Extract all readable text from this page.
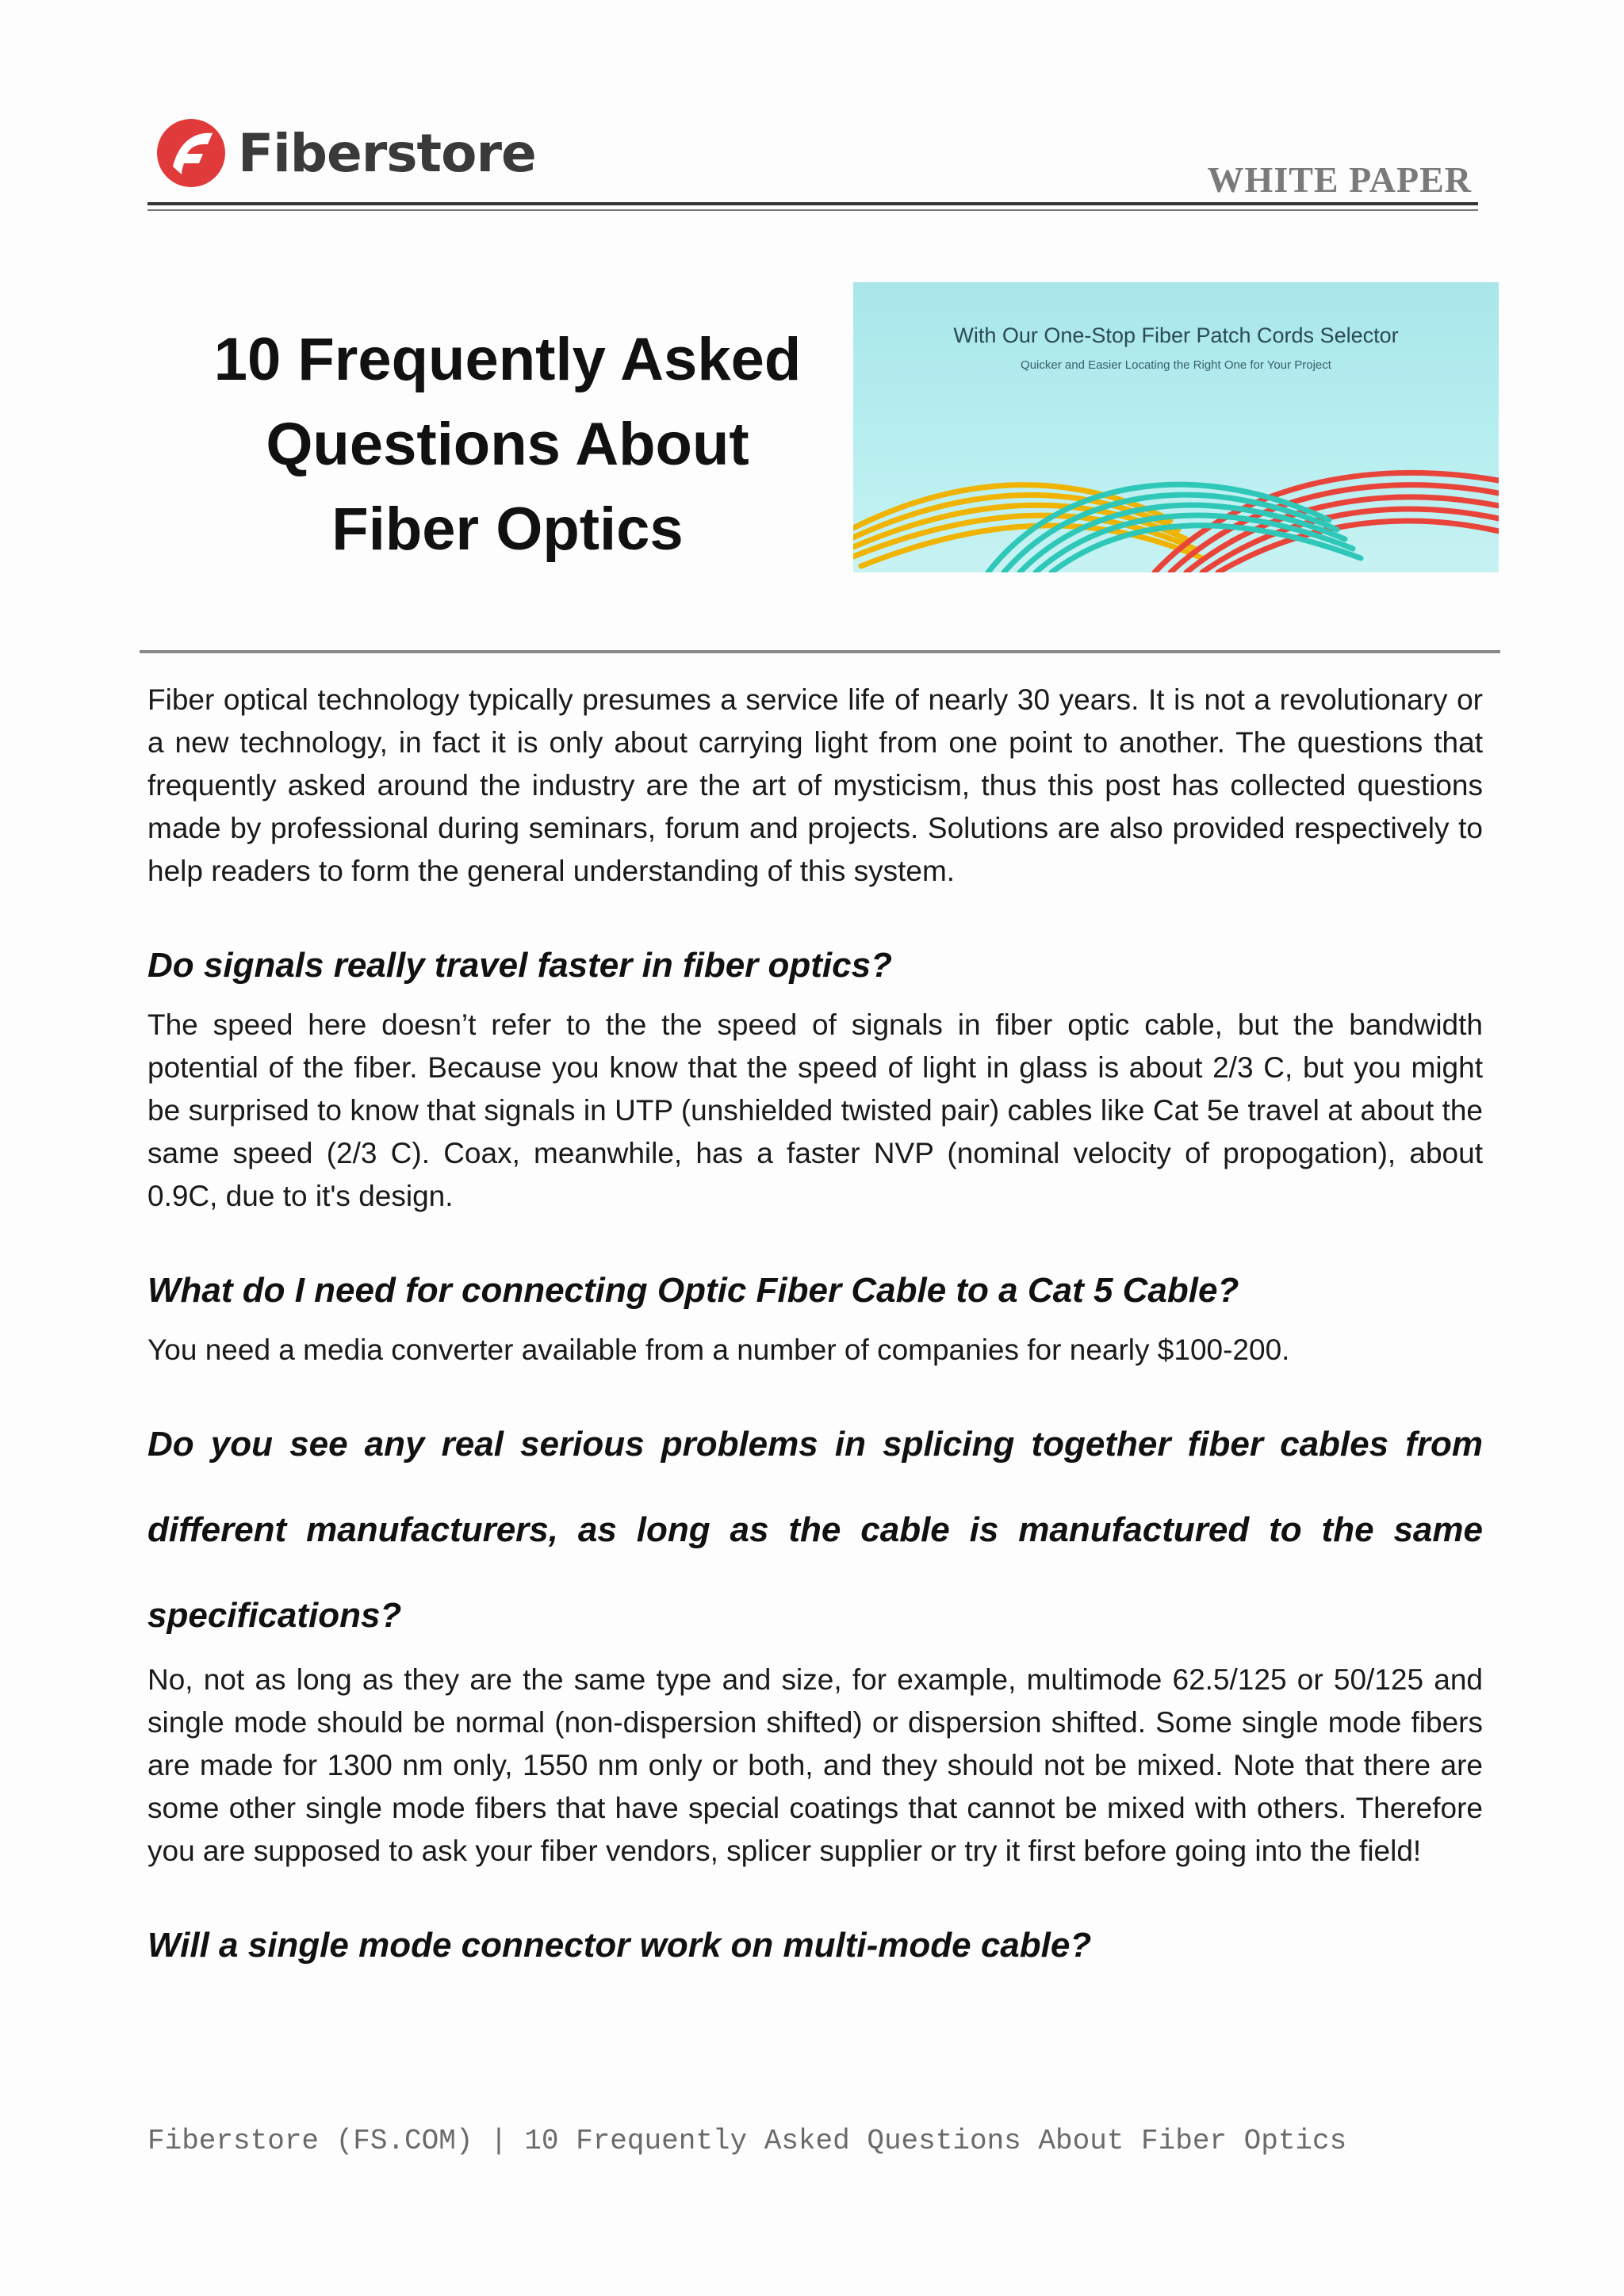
Fiberstore	WHITE PAPER
10 Frequently Asked
Questions About
Fiber Optics
With Our One-Stop Fiber Patch Cords Selector
Quicker and Easier Locating the Right One for Your Project

Fiber optical technology typically presumes a service life of nearly 30 years. It is not a revolutionary or a new technology, in fact it is only about carrying light from one point to another. The questions that frequently asked around the industry are the art of mysticism, thus this post has collected questions made by professional during seminars, forum and projects. Solutions are also provided respectively to help readers to form the general understanding of this system.

Do signals really travel faster in fiber optics?

The speed here doesn’t refer to the the speed of signals in fiber optic cable, but the bandwidth potential of the fiber. Because you know that the speed of light in glass is about 2/3 C, but you might be surprised to know that signals in UTP (unshielded twisted pair) cables like Cat 5e travel at about the same speed (2/3 C). Coax, meanwhile, has a faster NVP (nominal velocity of propogation), about 0.9C, due to it's design.

What do I need for connecting Optic Fiber Cable to a Cat 5 Cable?

You need a media converter available from a number of companies for nearly $100-200.

Do you see any real serious problems in splicing together fiber cables from different manufacturers, as long as the cable is manufactured to the same specifications?

No, not as long as they are the same type and size, for example, multimode 62.5/125 or 50/125 and single mode should be normal (non-dispersion shifted) or dispersion shifted. Some single mode fibers are made for 1300 nm only, 1550 nm only or both, and they should not be mixed. Note that there are some other single mode fibers that have special coatings that cannot be mixed with others. Therefore you are supposed to ask your fiber vendors, splicer supplier or try it first before going into the field!

Will a single mode connector work on multi-mode cable?
Fiberstore (FS.COM) | 10 Frequently Asked Questions About Fiber Optics
